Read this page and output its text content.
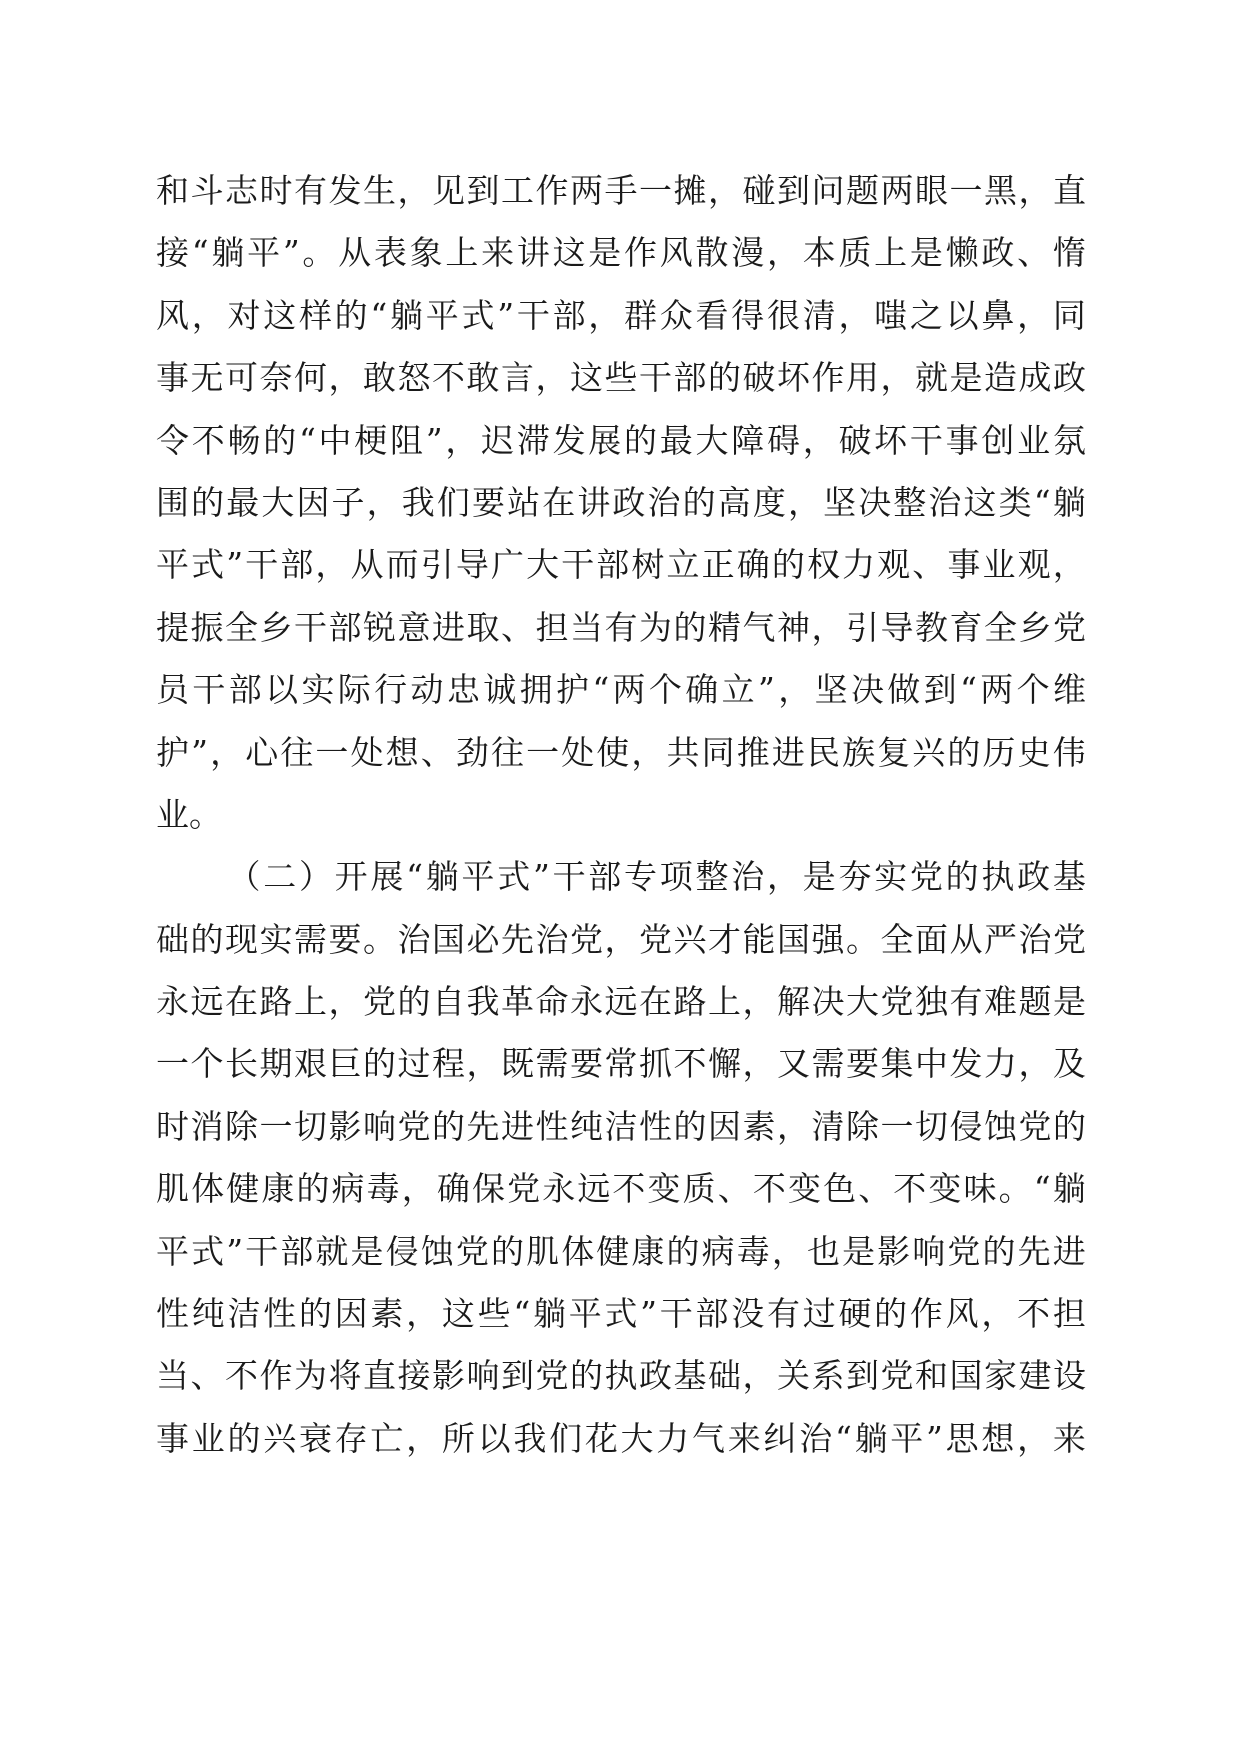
和 斗 志 时 有 发 生 ， 见 到 工 作 两 手 一 摊 ， 碰 到 问 题 两 眼 一 黑 ， 直
接 “ 躺 平 ” 。 从 表 象 上 来 讲 这 是 作 风 散 漫 ， 本 质 上 是 懒 政 、 惰
风 ， 对 这 样 的 “ 躺 平 式 ” 干 部 ， 群 众 看 得 很 清 ， 嗤 之 以 鼻 ， 同
事 无 可 奈 何 ， 敢 怒 不 敢 言 ， 这 些 干 部 的 破 坏 作 用 ， 就 是 造 成 政
令 不 畅 的 “ 中 梗 阻 ” ， 迟 滞 发 展 的 最 大 障 碍 ， 破 坏 干 事 创 业 氛
围 的 最 大 因 子 ， 我 们 要 站 在 讲 政 治 的 高 度 ， 坚 决 整 治 这 类 “ 躺
平 式 ” 干 部 ， 从 而 引 导 广 大 干 部 树 立 正 确 的 权 力 观 、 事 业 观 ，
提 振 全 乡 干 部 锐 意 进 取 、 担 当 有 为 的 精 气 神 ， 引 导 教 育 全 乡 党
员 干 部 以 实 际 行 动 忠 诚 拥 护 “ 两 个 确 立 ” ， 坚 决 做 到 “ 两 个 维
护 ” ， 心 往 一 处 想 、 劲 往 一 处 使 ， 共 同 推 进 民 族 复 兴 的 历 史 伟
业 。

（ 二 ） 开 展 “ 躺 平 式 ” 干 部 专 项 整 治 ， 是 夯 实 党 的 执 政 基
础 的 现 实 需 要 。 治 国 必 先 治 党 ， 党 兴 才 能 国 强 。 全 面 从 严 治 党
永 远 在 路 上 ， 党 的 自 我 革 命 永 远 在 路 上 ， 解 决 大 党 独 有 难 题 是
一 个 长 期 艰 巨 的 过 程 ， 既 需 要 常 抓 不 懈 ， 又 需 要 集 中 发 力 ， 及
时 消 除 一 切 影 响 党 的 先 进 性 纯 洁 性 的 因 素 ， 清 除 一 切 侵 蚀 党 的
肌 体 健 康 的 病 毒 ， 确 保 党 永 远 不 变 质 、 不 变 色 、 不 变 味 。 “ 躺
平 式 ” 干 部 就 是 侵 蚀 党 的 肌 体 健 康 的 病 毒 ， 也 是 影 响 党 的 先 进
性 纯 洁 性 的 因 素 ， 这 些 “ 躺 平 式 ” 干 部 没 有 过 硬 的 作 风 ， 不 担
当 、 不 作 为 将 直 接 影 响 到 党 的 执 政 基 础 ， 关 系 到 党 和 国 家 建 设
事 业 的 兴 衰 存 亡 ， 所 以 我 们 花 大 力 气 来 纠 治 “ 躺 平 ” 思 想 ， 来
